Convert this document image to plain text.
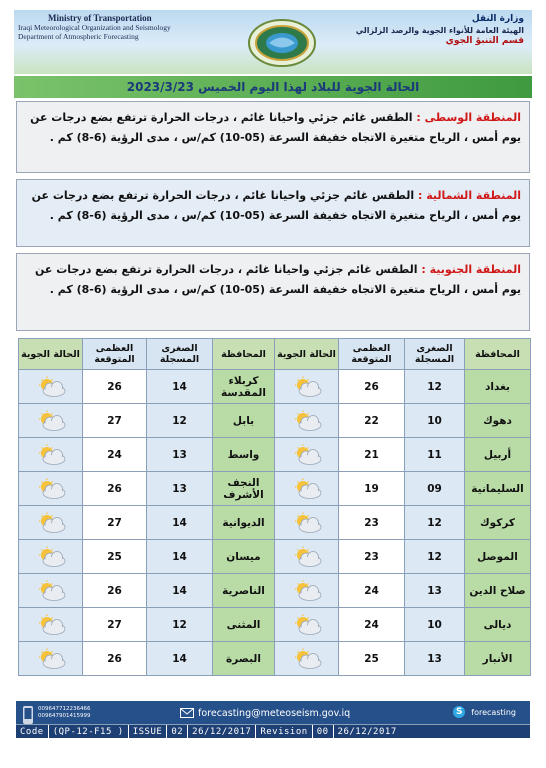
Ministry of Transportation
Iraqi Meteorological Organization and Seismology
Department of Atmospheric Forecasting
وزارة النقل
الهيئة العامة للأنواء الجوية والرصد الزلزالي
قسم التنبؤ الجوي
الحالة الجوية للبلاد لهذا اليوم الخميس 2023/3/23
المنطقة الوسطى : الطقس غائم جزئي واحيانا غائم ، درجات الحرارة ترتفع بضع درجات عن يوم أمس ، الرياح متغيرة الاتجاه خفيفة السرعة (05-10) كم/س ، مدى الرؤية (6-8) كم .
المنطقة الشمالية : الطقس غائم جزئي واحيانا غائم ، درجات الحرارة ترتفع بضع درجات عن يوم أمس ، الرياح متغيرة الاتجاه خفيفة السرعة (05-10) كم/س ، مدى الرؤية (6-8) كم .
المنطقة الجنوبية : الطقس غائم جزئي واحيانا غائم ، درجات الحرارة ترتفع بضع درجات عن يوم أمس ، الرياح متغيرة الاتجاه خفيفة السرعة (05-10) كم/س ، مدى الرؤية (6-8) كم .
المحافظة	الصغرى المسجلة	العظمى المتوقعة	الحالة الجوية	المحافظة	الصغرى المسجلة	العظمى المتوقعة	الحالة الجوية
بغداد	12	26		كربلاء المقدسة	14	26	

دهوك	10	22		بابل	12	27	

أربيل	11	21		واسط	13	24	

السليمانية	09	19		النجف الأشرف	13	26	

كركوك	12	23		الديوانية	14	27	

الموصل	12	23		ميسان	14	25	

صلاح الدين	13	24		الناصرية	14	26	

ديالى	10	24		المثنى	12	27	

الأنبار	13	25		البصرة	14	26	
009647712236466
009647901415999	forecasting@meteoseism.gov.iq	S	forecasting
Code	(QP-12-F15 )	ISSUE	02	26/12/2017	Revision	00	26/12/2017
